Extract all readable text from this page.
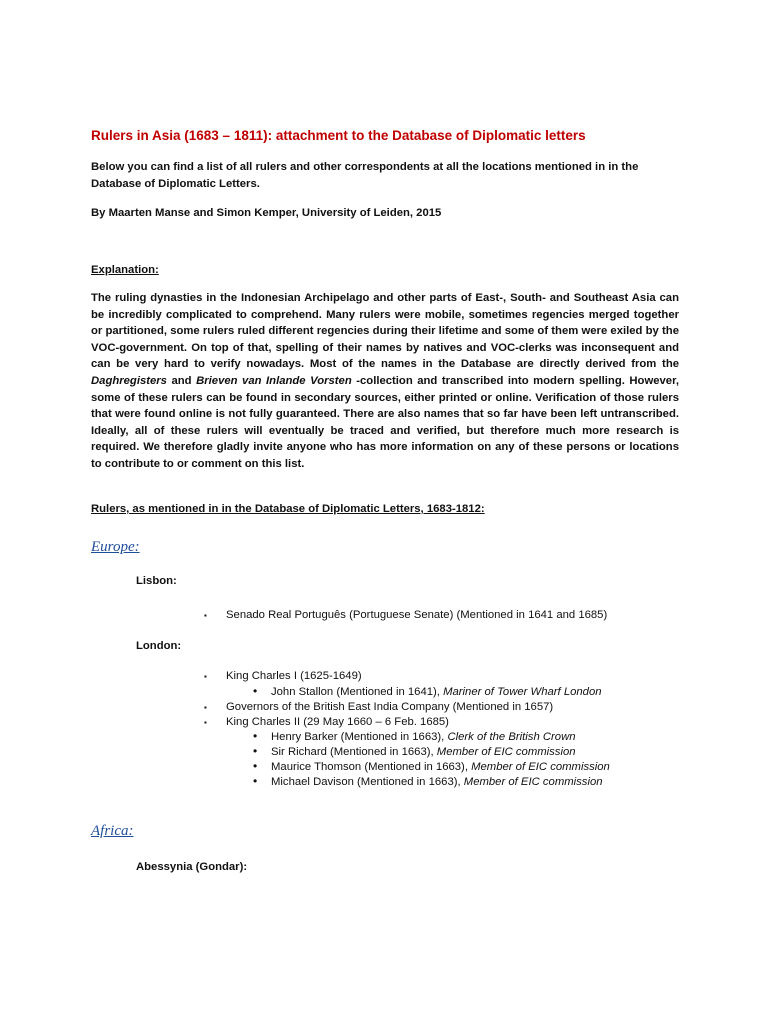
Rulers in Asia (1683 – 1811): attachment to the Database of Diplomatic letters
Below you can find a list of all rulers and other correspondents at all the locations mentioned in in the Database of Diplomatic Letters.
By Maarten Manse and Simon Kemper, University of Leiden, 2015
Explanation:
The ruling dynasties in the Indonesian Archipelago and other parts of East-, South- and Southeast Asia can be incredibly complicated to comprehend. Many rulers were mobile, sometimes regencies merged together or partitioned, some rulers ruled different regencies during their lifetime and some of them were exiled by the VOC-government. On top of that, spelling of their names by natives and VOC-clerks was inconsequent and can be very hard to verify nowadays. Most of the names in the Database are directly derived from the Daghregisters and Brieven van Inlande Vorsten -collection and transcribed into modern spelling. However, some of these rulers can be found in secondary sources, either printed or online. Verification of those rulers that were found online is not fully guaranteed. There are also names that so far have been left untranscribed. Ideally, all of these rulers will eventually be traced and verified, but therefore much more research is required. We therefore gladly invite anyone who has more information on any of these persons or locations to contribute to or comment on this list.
Rulers, as mentioned in in the Database of Diplomatic Letters, 1683-1812:
Europe:
Lisbon:
▪ Senado Real Português (Portuguese Senate) (Mentioned in 1641 and 1685)
London:
▪ King Charles I (1625-1649)
• John Stallon (Mentioned in 1641), Mariner of Tower Wharf London
▪ Governors of the British East India Company (Mentioned in 1657)
▪ King Charles II (29 May 1660 – 6 Feb. 1685)
• Henry Barker (Mentioned in 1663), Clerk of the British Crown
• Sir Richard (Mentioned in 1663), Member of EIC commission
• Maurice Thomson (Mentioned in 1663), Member of EIC commission
• Michael Davison (Mentioned in 1663), Member of EIC commission
Africa:
Abessynia (Gondar):
